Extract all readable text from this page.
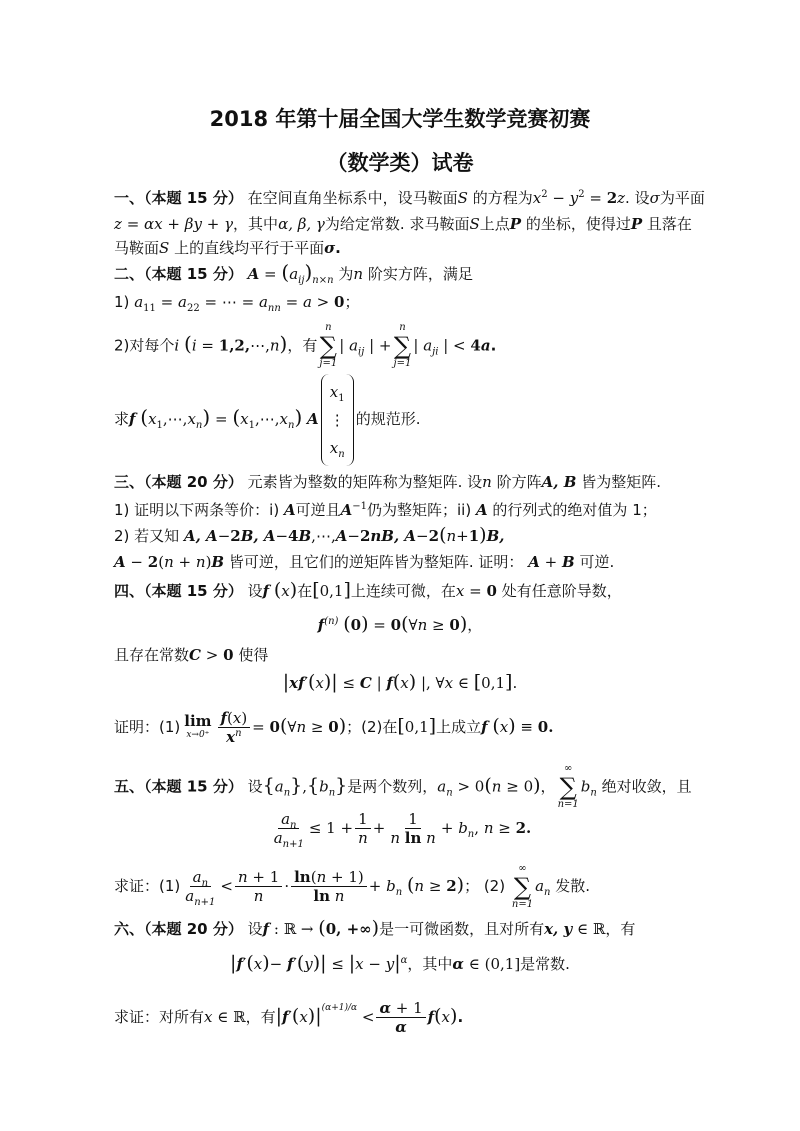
2018 年第十届全国大学生数学竞赛初赛
（数学类）试卷
一、（本题 15 分） 在空间直角坐标系中，设马鞍面S 的方程为$x^2 - y^2 = 2z$. 设σ为平面
z = αx + βy + γ，其中α, β, γ为给定常数. 求马鞍面S上点P 的坐标，使得过P 且落在
马鞍面S 上的直线均平行于平面σ.
二、（本题 15 分） $A = (a_{ij})_{n\times n}$ 为n 阶实方阵，满足
1) $a_{11} = a_{22}$ = ⋯ = $a_{nn} = a > 0$；
2)对每个i (i = 1,2,⋯,n)，有
n
∑
j=1
| $a_{ij}$ | +
n
∑
j=1
| $a_{ji}$ | < 4a.
求f $(x_1,\cdots,x_n)$ = $(x_1,\cdots,x_n)$ A
$x_1$
⋮
$x_n$
的规范形.
三、（本题 20 分） 元素皆为整数的矩阵称为整矩阵. 设n 阶方阵A, B 皆为整矩阵.
1) 证明以下两条等价：i) A可逆且$A^{-1}$仍为整矩阵；ii) A 的行列式的绝对值为 1；
2) 若又知 A, A−2B, A−4B,⋯,A−2nB, A−2(n+1)B,
A − 2(n + n)B 皆可逆，且它们的逆矩阵皆为整矩阵. 证明： A + B 可逆.
四、（本题 15 分） 设f (x)在[0,1]上连续可微，在x = 0 处有任意阶导数，
$f^{(n)}$ (0) = 0(∀n ≥ 0)，
且存在常数C > 0 使得
|xf′(x)| ≤ C | f(x) |, ∀x ∈ [0,1].
证明：(1) lim
$x\to 0^+ \frac{f(x)}{x^n}$ = 0(∀n ≥ 0)；(2)在[0,1]上成立f (x) ≡ 0.
五、（本题 15 分） 设$\{a_n\},\{b_n\}$是两个数列，$a_n > 0(n \ge 0)$，
∞
∑
n=1
$b_n$ 绝对收敛，且
$\frac{a_n}{a_{n+1}} \le 1 + \frac{1}{n} + \frac{1}{\text{n ln n}} + b_n$, n ≥ 2.
求证：$(1) \frac{a_n}{a_{n+1}} < \frac{n + 1}{n} \cdot \frac{\ln(n + 1)}{\text{ln n}} + b_n$ (n ≥ 2)； (2)
∞
∑
n=1
$a_n$ 发散.
六、（本题 20 分） 设f : ℝ → (0, +∞)是一可微函数，且对所有x, y ∈ ℝ，有
$|f'(x)- f'(y)| \le |x - y|^\alpha$，其中α ∈ (0,1]是常数.
求证：对所有x ∈ ℝ，有$|f'(x)|^{(\alpha+1)/\alpha} < \frac{\alpha + 1}{\alpha} f(x)$.
